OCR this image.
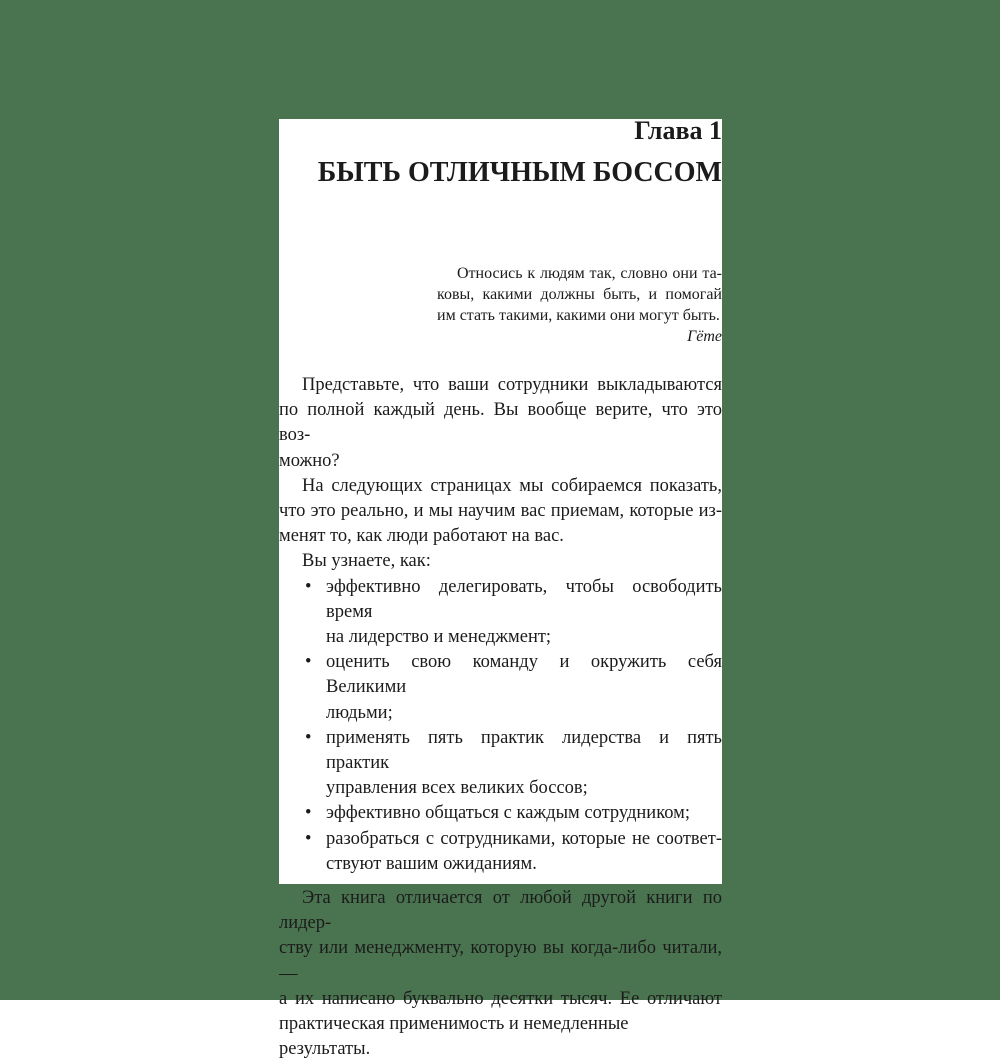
Глава 1
БЫТЬ ОТЛИЧНЫМ БОССОМ
Относись к людям так, словно они та-
ковы, какими должны быть, и помогай
им стать такими, какими они могут быть.
Гёте
Представьте, что ваши сотрудники выкладываются
по полной каждый день. Вы вообще верите, что это воз-
можно?
На следующих страницах мы собираемся показать,
что это реально, и мы научим вас приемам, которые из-
менят то, как люди работают на вас.
Вы узнаете, как:
• эффективно делегировать, чтобы освободить время
на лидерство и менеджмент;
• оценить свою команду и окружить себя Великими
людьми;
• применять пять практик лидерства и пять практик
управления всех великих боссов;
• эффективно общаться с каждым сотрудником;
• разобраться с сотрудниками, которые не соответ-
ствуют вашим ожиданиям.
Эта книга отличается от любой другой книги по лидер-
ству или менеджменту, которую вы когда-либо читали, —
а их написано буквально десятки тысяч. Ее отличают
практическая применимость и немедленные результаты.
